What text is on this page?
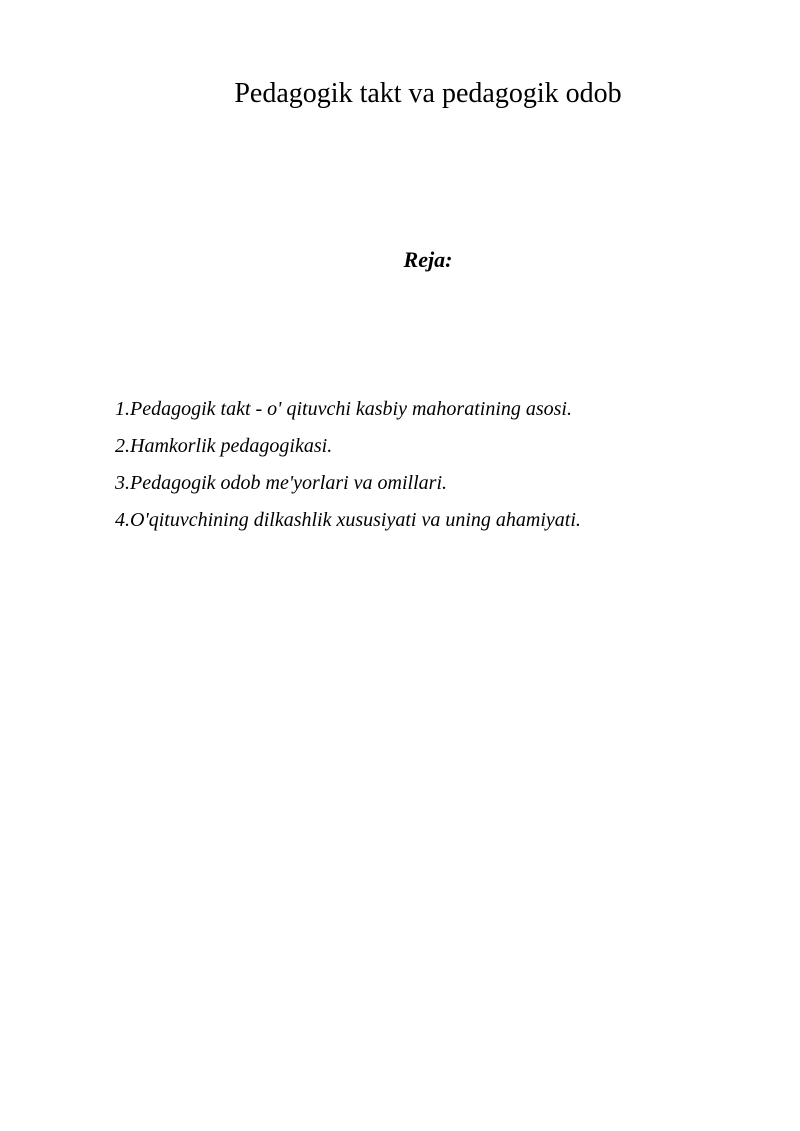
Pedagogik takt va pedagogik odob
Reja:
1.Pedagogik takt - o' qituvchi kasbiy mahoratining asosi.
2.Hamkorlik pedagogikasi.
3.Pedagogik odob me'yorlari va omillari.
4.O'qituvchining dilkashlik xususiyati va uning ahamiyati.
